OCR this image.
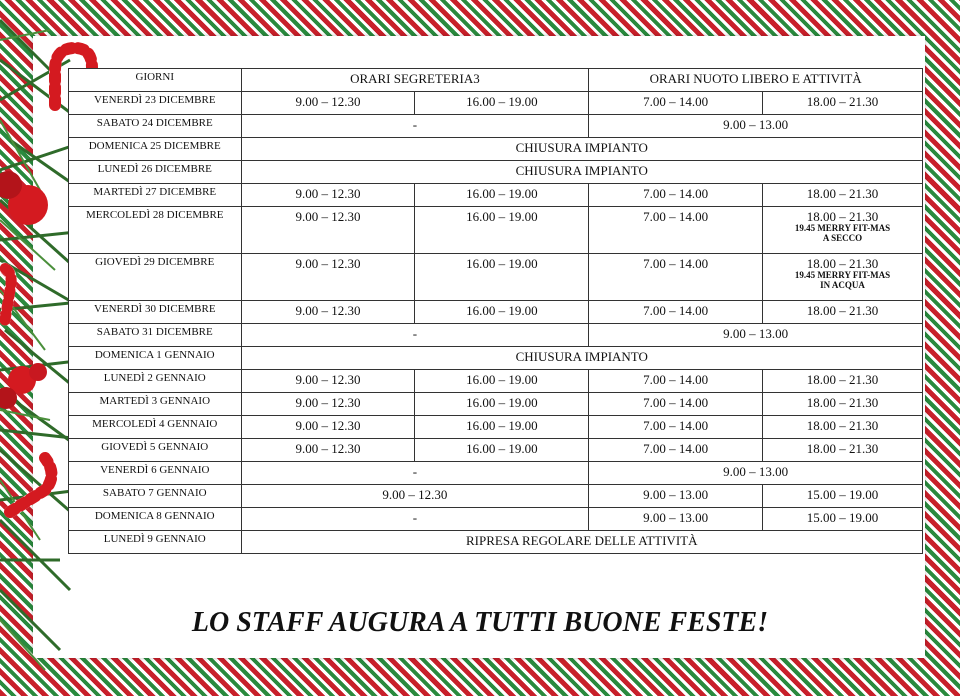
GIORNI	ORARI SEGRETERIA3		ORARI NUOTO LIBERO E ATTIVITÀ	
VENERDÌ 23 DICEMBRE	9.00 – 12.30	16.00 – 19.00	7.00 – 14.00	18.00 – 21.30
SABATO 24 DICEMBRE	-		9.00 – 13.00	
DOMENICA 25 DICEMBRE	CHIUSURA IMPIANTO			
LUNEDÌ 26 DICEMBRE	CHIUSURA IMPIANTO			
MARTEDÌ 27 DICEMBRE	9.00 – 12.30	16.00 – 19.00	7.00 – 14.00	18.00 – 21.30
MERCOLEDÌ 28 DICEMBRE	9.00 – 12.30	16.00 – 19.00	7.00 – 14.00	18.00 – 21.30
19.45 MERRY FIT-MAS
A SECCO

GIOVEDÌ 29 DICEMBRE	9.00 – 12.30	16.00 – 19.00	7.00 – 14.00	18.00 – 21.30
19.45 MERRY FIT-MAS
IN ACQUA

VENERDÌ 30 DICEMBRE	9.00 – 12.30	16.00 – 19.00	7.00 – 14.00	18.00 – 21.30
SABATO 31 DICEMBRE	-		9.00 – 13.00	
DOMENICA 1 GENNAIO	CHIUSURA IMPIANTO			
LUNEDÌ 2 GENNAIO	9.00 – 12.30	16.00 – 19.00	7.00 – 14.00	18.00 – 21.30
MARTEDÌ 3 GENNAIO	9.00 – 12.30	16.00 – 19.00	7.00 – 14.00	18.00 – 21.30
MERCOLEDÌ 4 GENNAIO	9.00 – 12.30	16.00 – 19.00	7.00 – 14.00	18.00 – 21.30
GIOVEDÌ 5 GENNAIO	9.00 – 12.30	16.00 – 19.00	7.00 – 14.00	18.00 – 21.30
VENERDÌ 6 GENNAIO	-		9.00 – 13.00	
SABATO 7 GENNAIO	9.00 – 12.30		9.00 – 13.00	15.00 – 19.00
DOMENICA 8 GENNAIO	-		9.00 – 13.00	15.00 – 19.00
LUNEDÌ 9 GENNAIO	RIPRESA REGOLARE DELLE ATTIVITÀ			
LO STAFF AUGURA A TUTTI BUONE FESTE!
